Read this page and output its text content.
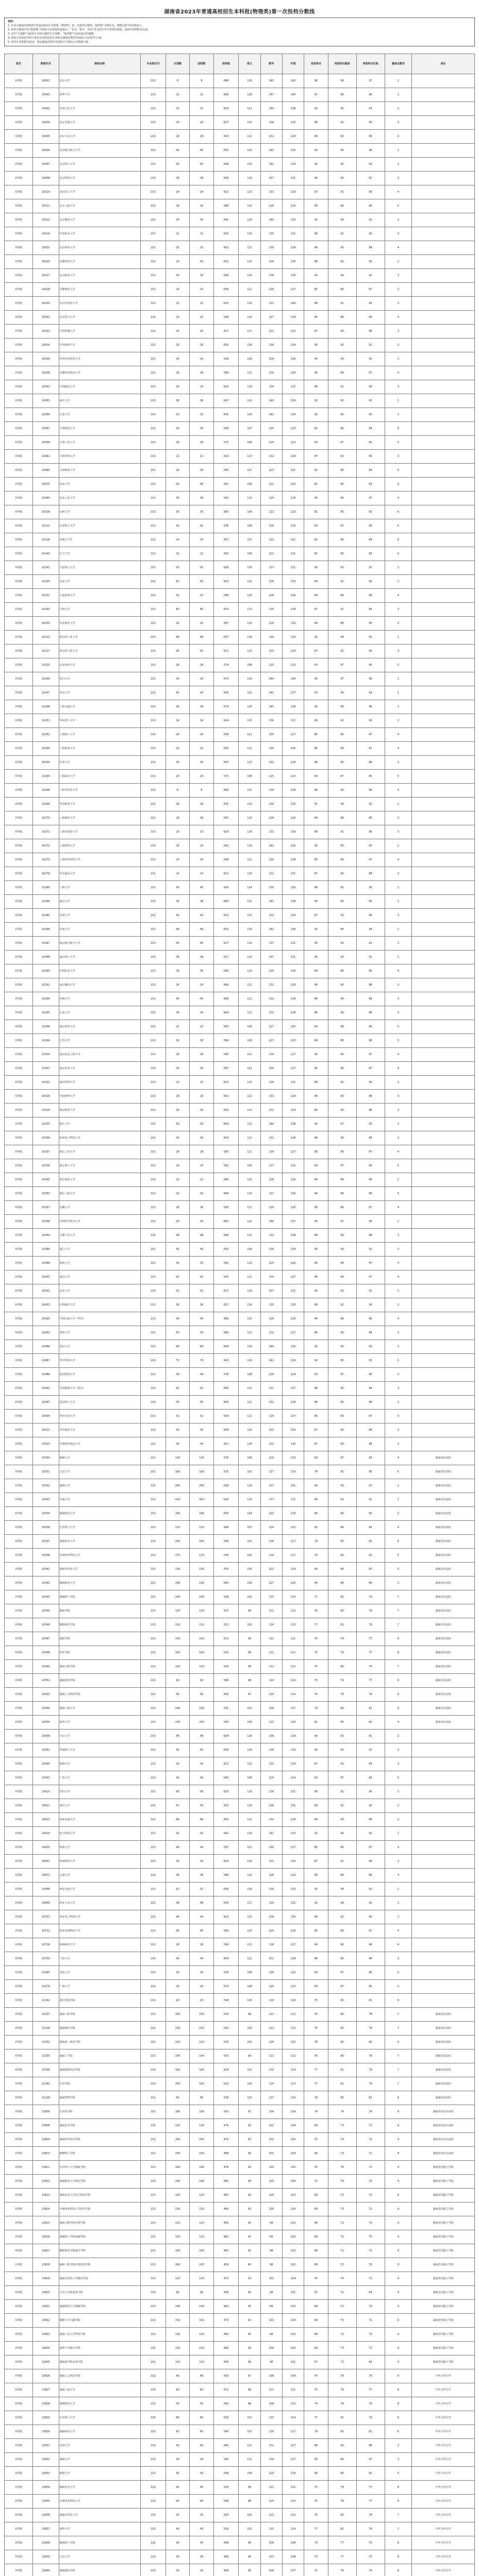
湖南省2023年普通高校招生本科批(物理类)第一次投档分数线
说明：
1. 本表为湖南省2023年普通高校招生本科批（物理类）第一次投档分数线，投档按“分数优先、遵循志愿”的原则进行。
2. 投档分数线中的“投档线”为院校专业组投档最低分；“语文、数学、外语”等为同分考生的排序成绩，按排序规则依次比较。
3. 表中“计划数”为院校专业组在湘招生计划数，“投档数”为实际投出档案数。
4. 院校专业组选考科目要求见各院校招生章程及湖南省教育考试院公布的招生计划。
5. 如对本表数据有疑问，请以湖南省教育考试院官方网站公布数据为准。
批次	院校代号	院校名称	专业组代号	计划数	投档数	投档线	语文	数学	外语	首选科目	再选科目最高	再选科目次高	最高志愿号	备注
本科批	10001	北京大学	101	8	8	688	126	145	142	96	98	97	1	
本科批	10003	清华大学	101	12	12	690	128	147	140	97	99	96	1	
本科批	10002	中国人民大学	101	15	15	659	121	140	138	92	95	93	2	
本科批	10004	北京交通大学	101	20	20	627	115	136	132	89	92	90	3	
本科批	10005	北京工业大学	101	18	18	603	112	131	128	86	90	88	4	
本科批	10006	北京航空航天大学	101	40	40	655	120	142	135	93	96	94	1	
本科批	10007	北京理工大学	101	45	45	648	119	141	134	92	95	93	2	
本科批	10008	北京科技大学	101	28	28	628	116	137	131	90	93	91	3	
本科批	10010	北京化工大学	101	24	24	612	113	133	129	87	91	89	4	
本科批	10011	北京工商大学	101	16	16	588	110	128	126	84	88	86	5	
本科批	10013	北京邮电大学	101	35	35	641	118	140	133	91	94	92	2	
本科批	10019	中国农业大学	101	22	22	625	116	135	131	89	92	90	3	
本科批	10022	北京林业大学	101	25	25	602	112	130	128	86	90	88	4	
本科批	10025	首都医科大学	101	10	10	622	115	134	130	88	92	90	2	
本科批	10027	北京师范大学	101	30	30	640	120	138	135	91	94	92	2	
本科批	10028	首都师范大学	101	14	14	596	112	129	127	85	89	87	5	
本科批	10030	北京外国语大学	101	12	12	625	119	131	140	88	91	89	3	
本科批	10032	北京语言大学	101	10	10	598	114	127	134	85	89	86	4	
本科批	10033	中国传媒大学	101	16	16	617	117	131	133	87	90	88	3	
本科批	10034	中央财经大学	101	26	26	635	118	139	134	90	93	91	2	
本科批	10036	对外经济贸易大学	101	24	24	634	118	138	136	90	93	91	2	
本科批	10038	首都经济贸易大学	101	18	18	599	112	130	128	85	89	87	5	
本科批	10053	中国政法大学	101	20	20	626	118	134	132	88	92	90	3	
本科批	10055	南开大学	101	38	38	647	120	140	136	92	95	93	1	
本科批	10056	天津大学	101	52	52	645	119	141	134	92	95	93	1	
本科批	10057	天津科技大学	101	30	30	568	107	124	122	82	86	84	6	
本科批	10058	天津工业大学	101	28	28	575	108	125	123	83	87	85	5	
本科批	10062	天津医科大学	101	12	12	610	113	132	129	87	91	89	3	
本科批	10065	天津师范大学	101	26	26	566	107	123	121	82	86	84	6	
本科批	10075	河北大学	101	40	40	561	106	122	120	81	85	83	6	
本科批	10080	河北工业大学	101	36	36	592	110	129	125	85	89	87	4	
本科批	10108	山西大学	101	30	30	560	106	122	120	81	85	83	6	
本科批	10112	太原理工大学	101	42	42	578	108	126	123	83	87	85	5	
本科批	10126	内蒙古大学	101	24	24	567	107	123	121	82	86	84	6	
本科批	10140	辽宁大学	101	22	22	563	106	122	121	81	85	83	6	
本科批	10141	大连理工大学	101	55	55	628	116	137	131	90	93	91	2	
本科批	10145	东北大学	101	60	60	623	115	136	130	89	92	90	2	
本科批	10151	大连海事大学	101	32	32	589	110	128	126	84	88	86	4	
本科批	10183	吉林大学	101	80	80	610	113	133	128	87	91	89	3	
本科批	10200	东北师范大学	101	26	26	587	110	128	126	84	88	86	4	
本科批	10213	哈尔滨工业大学	101	68	68	637	118	139	132	91	94	92	1	
本科批	10217	哈尔滨工程大学	101	45	45	612	113	133	129	87	91	89	3	
本科批	10225	东北林业大学	101	28	28	574	108	125	123	83	87	85	5	
本科批	10246	复旦大学	101	30	30	672	124	144	140	95	97	96	1	
本科批	10247	同济大学	101	42	42	656	121	142	137	93	96	94	1	
本科批	10248	上海交通大学	101	36	36	674	124	145	139	95	98	96	1	
本科批	10251	华东理工大学	101	34	34	624	115	136	131	89	92	90	2	
本科批	10252	上海理工大学	101	26	26	598	111	130	127	85	89	87	4	
本科批	10254	上海海事大学	101	22	22	593	111	129	126	85	89	87	4	
本科批	10255	东华大学	101	30	30	607	113	132	128	86	90	88	3	
本科批	10264	上海海洋大学	101	20	20	575	108	125	123	83	87	85	5	
本科批	10268	上海中医药大学	101	8	8	600	112	130	128	86	90	88	4	
本科批	10269	华东师范大学	101	28	28	641	120	139	135	91	94	92	2	
本科批	10270	上海师范大学	101	18	18	587	110	128	126	84	88	86	5	
本科批	10271	上海外国语大学	101	10	10	620	118	131	139	88	91	89	3	
本科批	10272	上海财经大学	101	24	24	645	119	141	136	92	95	93	1	
本科批	10273	上海对外经贸大学	101	16	16	598	112	129	128	85	89	87	4	
本科批	10276	华东政法大学	101	14	14	612	116	131	131	87	90	88	3	
本科批	10280	上海大学	101	40	40	618	114	135	130	88	92	90	2	
本科批	10284	南京大学	101	38	38	660	122	143	138	94	96	95	1	
本科批	10285	苏州大学	101	42	42	610	113	133	129	87	91	89	3	
本科批	10286	东南大学	101	46	46	652	120	142	136	93	96	94	1	
本科批	10287	南京航空航天大学	101	40	40	627	116	137	131	90	93	91	2	
本科批	10288	南京理工大学	101	38	38	627	116	137	131	90	93	91	2	
本科批	10290	中国矿业大学	101	36	36	590	110	129	126	84	88	86	4	
本科批	10291	南京邮电大学	101	24	24	606	112	132	128	86	90	88	3	
本科批	10294	河海大学	101	45	45	606	112	132	128	86	90	88	3	
本科批	10295	江南大学	101	34	34	604	112	131	128	86	90	88	3	
本科批	10298	南京林业大学	101	22	22	583	109	127	125	84	88	86	5	
本科批	10299	江苏大学	101	30	30	584	109	127	125	84	88	86	5	
本科批	10300	南京信息工程大学	101	28	28	596	111	130	127	85	89	87	4	
本科批	10307	南京农业大学	101	26	26	597	111	130	127	85	89	87	4	
本科批	10312	南京医科大学	101	12	12	623	115	136	131	89	92	90	2	
本科批	10316	中国药科大学	101	18	18	602	112	131	128	86	90	88	3	
本科批	10319	南京师范大学	101	26	26	603	113	131	129	86	90	88	3	
本科批	10335	浙江大学	101	50	50	664	122	144	138	94	97	95	1	
本科批	10336	杭州电子科技大学	101	30	30	603	112	131	128	86	90	88	3	
本科批	10337	浙江工业大学	101	28	28	595	111	130	127	85	89	87	4	
本科批	10338	浙江理工大学	101	24	24	582	109	127	125	83	87	85	5	
本科批	10345	浙江师范大学	101	22	22	586	110	128	126	84	88	86	5	
本科批	10353	浙江工商大学	101	20	20	584	110	127	126	84	88	86	5	
本科批	10357	安徽大学	101	36	36	593	111	129	126	85	89	87	4	
本科批	10358	中国科学技术大学	101	20	20	665	122	146	137	95	97	96	1	
本科批	10359	合肥工业大学	101	48	48	606	112	132	128	86	90	88	3	
本科批	10384	厦门大学	101	40	40	635	118	138	134	90	93	91	2	
本科批	10386	福州大学	101	30	30	592	110	129	126	85	89	87	4	
本科批	10403	南昌大学	101	42	42	597	111	130	127	85	89	87	4	
本科批	10422	山东大学	101	52	52	627	116	137	131	90	93	91	2	
本科批	10423	中国海洋大学	101	36	36	617	114	135	130	88	92	90	2	
本科批	10425	中国石油大学（华东）	101	40	40	589	110	128	126	84	88	86	4	
本科批	10459	郑州大学	101	50	50	600	112	131	127	86	90	88	3	
本科批	10486	武汉大学	101	64	64	644	119	140	135	92	95	93	1	
本科批	10487	华中科技大学	101	70	70	645	119	141	134	92	95	93	1	
本科批	10488	武汉科技大学	101	34	34	578	108	126	124	83	87	85	5	
本科批	10491	中国地质大学（武汉）	101	42	42	600	112	131	127	86	90	88	3	
本科批	10497	武汉理工大学	101	56	56	606	112	132	128	86	90	88	3	
本科批	10504	华中农业大学	101	32	32	594	111	129	127	85	89	87	4	
本科批	10511	华中师范大学	101	30	30	609	114	132	130	87	90	88	3	
本科批	10520	中南财经政法大学	101	34	34	611	114	133	130	87	90	88	3	
本科批	10530	湘潭大学	101	120	120	576	108	126	123	83	87	85	4	湖南省内高校
本科批	10531	吉首大学	101	160	160	535	102	117	116	78	82	80	6	湖南省内高校
本科批	10532	湖南大学	101	260	260	628	116	137	131	90	93	91	1	湖南省内高校
本科批	10533	中南大学	101	420	420	626	116	137	131	90	93	91	1	湖南省内高校
本科批	10534	湖南科技大学	101	180	180	550	104	120	118	80	84	82	5	湖南省内高校
本科批	10536	长沙理工大学	101	210	210	568	107	124	122	82	86	84	4	湖南省内高校
本科批	10537	湖南农业大学	101	150	150	540	103	118	117	79	83	81	6	湖南省内高校
本科批	10538	中南林业科技大学	101	170	170	545	103	119	117	79	83	81	5	湖南省内高校
本科批	10541	湖南中医药大学	101	130	130	555	105	121	119	80	84	82	5	湖南省内高校
本科批	10542	湖南师范大学	101	190	190	583	109	127	125	84	88	86	3	湖南省内高校
本科批	10543	湖南理工学院	101	140	140	528	101	115	114	77	81	79	7	湖南省内高校
本科批	10545	湘南学院	101	120	120	515	99	112	112	76	80	78	7	湖南省内高校
本科批	10546	衡阳师范学院	101	110	110	522	100	114	113	77	81	79	7	湖南省内高校
本科批	10547	邵阳学院	101	130	130	512	99	111	111	75	79	77	8	湖南省内高校
本科批	10548	怀化学院	101	100	100	510	98	111	111	75	79	77	8	湖南省内高校
本科批	10549	湖南文理学院	101	110	110	516	99	112	112	76	80	78	7	湖南省内高校
本科批	10551	湖南科技学院	101	90	90	508	98	110	110	75	79	77	8	湖南省内高校
本科批	10553	湖南人文科技学院	101	95	95	506	97	110	110	74	78	76	8	湖南省内高校
本科批	10554	湖南工商大学	101	140	140	541	103	118	117	79	83	81	6	湖南省内高校
本科批	10555	南华大学	101	230	230	560	106	122	120	81	85	83	4	湖南省内高校
本科批	10558	中山大学	101	48	48	634	118	138	134	90	93	91	2	
本科批	10561	华南理工大学	101	45	45	630	116	138	132	90	93	91	2	
本科批	10590	深圳大学	101	30	30	612	113	133	129	87	91	89	3	
本科批	10593	广西大学	101	40	40	580	108	126	124	83	87	85	5	
本科批	10610	四川大学	101	56	56	625	116	136	131	89	92	90	2	
本科批	10611	重庆大学	101	50	50	625	116	136	131	89	92	90	2	
本科批	10613	西南交通大学	101	46	46	605	112	132	128	86	90	88	3	
本科批	10614	电子科技大学	101	42	42	641	118	141	133	91	94	92	1	
本科批	10635	西南大学	101	44	44	597	111	130	127	85	89	87	4	
本科批	10651	西南财经大学	101	30	30	614	114	133	130	87	91	89	3	
本科批	10673	云南大学	101	36	36	588	110	128	126	84	88	86	4	
本科批	10698	西安交通大学	101	52	52	636	118	139	133	91	94	92	1	
本科批	10699	西北工业大学	101	48	48	634	117	139	132	91	94	92	1	
本科批	10701	西安电子科技大学	101	44	44	623	115	136	130	89	92	90	2	
本科批	10712	西北农林科技大学	101	40	40	593	110	129	126	85	89	87	4	
本科批	10718	陕西师范大学	101	28	28	590	111	128	127	84	88	86	4	
本科批	10730	兰州大学	101	44	44	604	112	131	128	86	90	88	3	
本科批	11065	青岛大学	101	30	30	576	108	126	123	83	87	85	5	
本科批	11078	广州大学	101	26	26	574	108	125	123	83	87	85	5	
本科批	11342	浙江科技学院	101	20	20	548	104	119	118	79	83	81	6	
本科批	11527	湖南工程学院	101	150	150	518	99	113	112	76	80	78	7	湖南省内高校
本科批	11528	湖南城市学院	101	130	130	520	100	113	113	76	80	78	7	湖南省内高校
本科批	11532	湖南第一师范学院	101	120	120	533	102	116	115	78	82	80	6	湖南省内高校
本科批	11535	湖南工学院	101	140	140	516	99	112	112	76	80	78	7	湖南省内高校
本科批	11536	湖南财政经济学院	101	100	100	524	101	114	114	77	81	79	7	湖南省内高校
本科批	11342	长沙学院	101	150	150	522	100	114	113	77	81	79	7	湖南省内高校
本科批	11528	湖南警察学院	101	60	60	538	103	117	116	79	83	81	6	湖南省内高校
本科批	12658	长沙医学院	101	180	180	502	97	109	109	74	78	76	8	湖南省内民办高校
本科批	13808	湖南信息学院	101	120	120	470	92	101	104	69	73	71	9	湖南省内民办高校
本科批	13809	湖南涉外经济学院	101	150	150	475	93	102	105	70	74	72	9	湖南省内民办高校
本科批	13810	湘潭理工学院	101	100	100	468	92	101	104	69	73	71	9	湖南省内民办高校
本科批	13811	长沙理工大学城南学院	101	180	180	478	93	103	105	70	74	72	9	湖南省内独立学院
本科批	13812	湖南师范大学树达学院	101	140	140	480	94	103	106	70	74	72	9	湖南省内独立学院
本科批	13813	湖南农业大学东方科技学院	101	120	120	465	92	100	103	69	73	71	9	湖南省内独立学院
本科批	13814	中南林业科技大学涉外学院	101	130	130	466	92	100	103	69	73	71	9	湖南省内独立学院
本科批	13815	湖南文理学院芙蓉学院	101	110	110	462	91	99	103	68	72	70	9	湖南省内独立学院
本科批	13816	湖南理工学院南湖学院	101	110	110	461	91	99	102	68	72	70	9	湖南省内独立学院
本科批	13817	衡阳师范学院南岳学院	101	100	100	460	91	98	102	68	72	70	9	湖南省内独立学院
本科批	13818	湖南工程学院应用技术学院	101	100	100	459	90	98	102	68	72	70	9	湖南省内独立学院
本科批	13819	湖南中医药大学湘杏学院	101	120	120	472	93	101	104	70	74	72	9	湖南省内独立学院
本科批	13820	吉首大学张家界学院	101	90	90	458	90	98	101	67	71	69	9	湖南省内独立学院
本科批	13821	湖南科技大学潇湘学院	101	140	140	463	91	99	103	68	72	70	9	湖南省内独立学院
本科批	13822	湘潭大学兴湘学院	101	150	150	470	92	101	104	69	73	71	9	湖南省内独立学院
本科批	13823	湖南工业大学科技学院	101	130	130	460	91	98	102	68	72	70	9	湖南省内独立学院
本科批	13824	南华大学船山学院	101	130	130	466	92	100	103	69	73	71	9	湖南省内独立学院
本科批	13825	湖南商学院北津学院	101	110	110	458	90	98	101	67	71	69	9	湖南省内独立学院
本科批	13826	湖南人文科技学院	102	40	40	500	97	108	109	74	78	76	8	中外合作办学
本科批	13827	湖南工商大学	102	60	60	512	99	111	111	75	79	77	8	中外合作办学
本科批	13828	湖南科技大学	102	50	50	505	98	109	110	74	78	76	8	中外合作办学
本科批	13829	长沙理工大学	102	80	80	530	101	115	114	77	81	79	6	中外合作办学
本科批	13830	湖南师范大学	102	60	60	540	103	118	117	79	83	81	6	中外合作办学
本科批	13831	中南大学	102	40	40	600	112	131	127	86	90	88	3	中外合作办学
本科批	13832	湖南大学	102	30	30	595	111	130	127	85	89	87	3	中外合作办学
本科批	13833	湘潭大学	102	40	40	548	104	120	118	80	84	82	5	中外合作办学
本科批	13834	湖南农业大学	102	40	40	510	98	111	111	75	79	77	8	中外合作办学
本科批	13835	中南林业科技大学	102	40	40	508	98	110	110	75	79	77	8	中外合作办学
本科批	13836	湖南中医药大学	102	30	30	520	100	113	113	76	80	78	7	中外合作办学
本科批	13837	南华大学	102	40	40	526	101	115	114	77	81	79	7	中外合作办学
本科批	13838	湖南理工学院	102	30	30	498	96	108	108	73	77	75	8	中外合作办学
本科批	13839	吉首大学	102	30	30	496	96	107	108	73	77	75	8	中外合作办学
本科批	13840	湖南城市学院	102	30	30	490	95	106	107	72	76	74	8	中外合作办学
